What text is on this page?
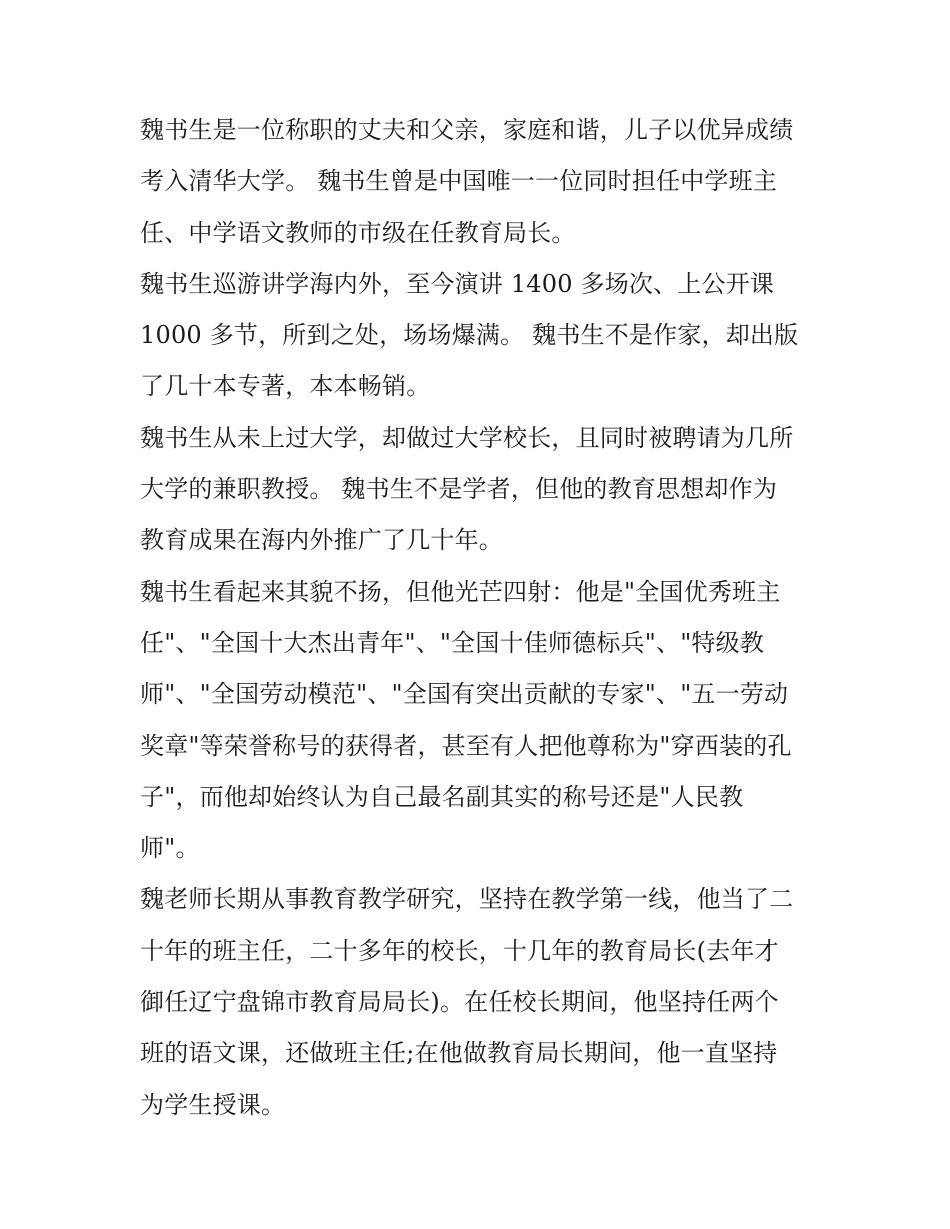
魏书生是一位称职的丈夫和父亲，家庭和谐，儿子以优异成绩
考入清华大学。 魏书生曾是中国唯一一位同时担任中学班主
任、中学语文教师的市级在任教育局长。
魏书生巡游讲学海内外，至今演讲 1400 多场次、上公开课
1000 多节，所到之处，场场爆满。 魏书生不是作家，却出版
了几十本专著，本本畅销。
魏书生从未上过大学，却做过大学校长，且同时被聘请为几所
大学的兼职教授。 魏书生不是学者，但他的教育思想却作为
教育成果在海内外推广了几十年。
魏书生看起来其貌不扬，但他光芒四射：他是"全国优秀班主
任"、"全国十大杰出青年"、"全国十佳师德标兵"、"特级教
师"、"全国劳动模范"、"全国有突出贡献的专家"、"五一劳动
奖章"等荣誉称号的获得者，甚至有人把他尊称为"穿西装的孔
子"，而他却始终认为自己最名副其实的称号还是"人民教
师"。
魏老师长期从事教育教学研究，坚持在教学第一线，他当了二
十年的班主任，二十多年的校长，十几年的教育局长(去年才
御任辽宁盘锦市教育局局长)。在任校长期间，他坚持任两个
班的语文课，还做班主任;在他做教育局长期间，他一直坚持
为学生授课。
